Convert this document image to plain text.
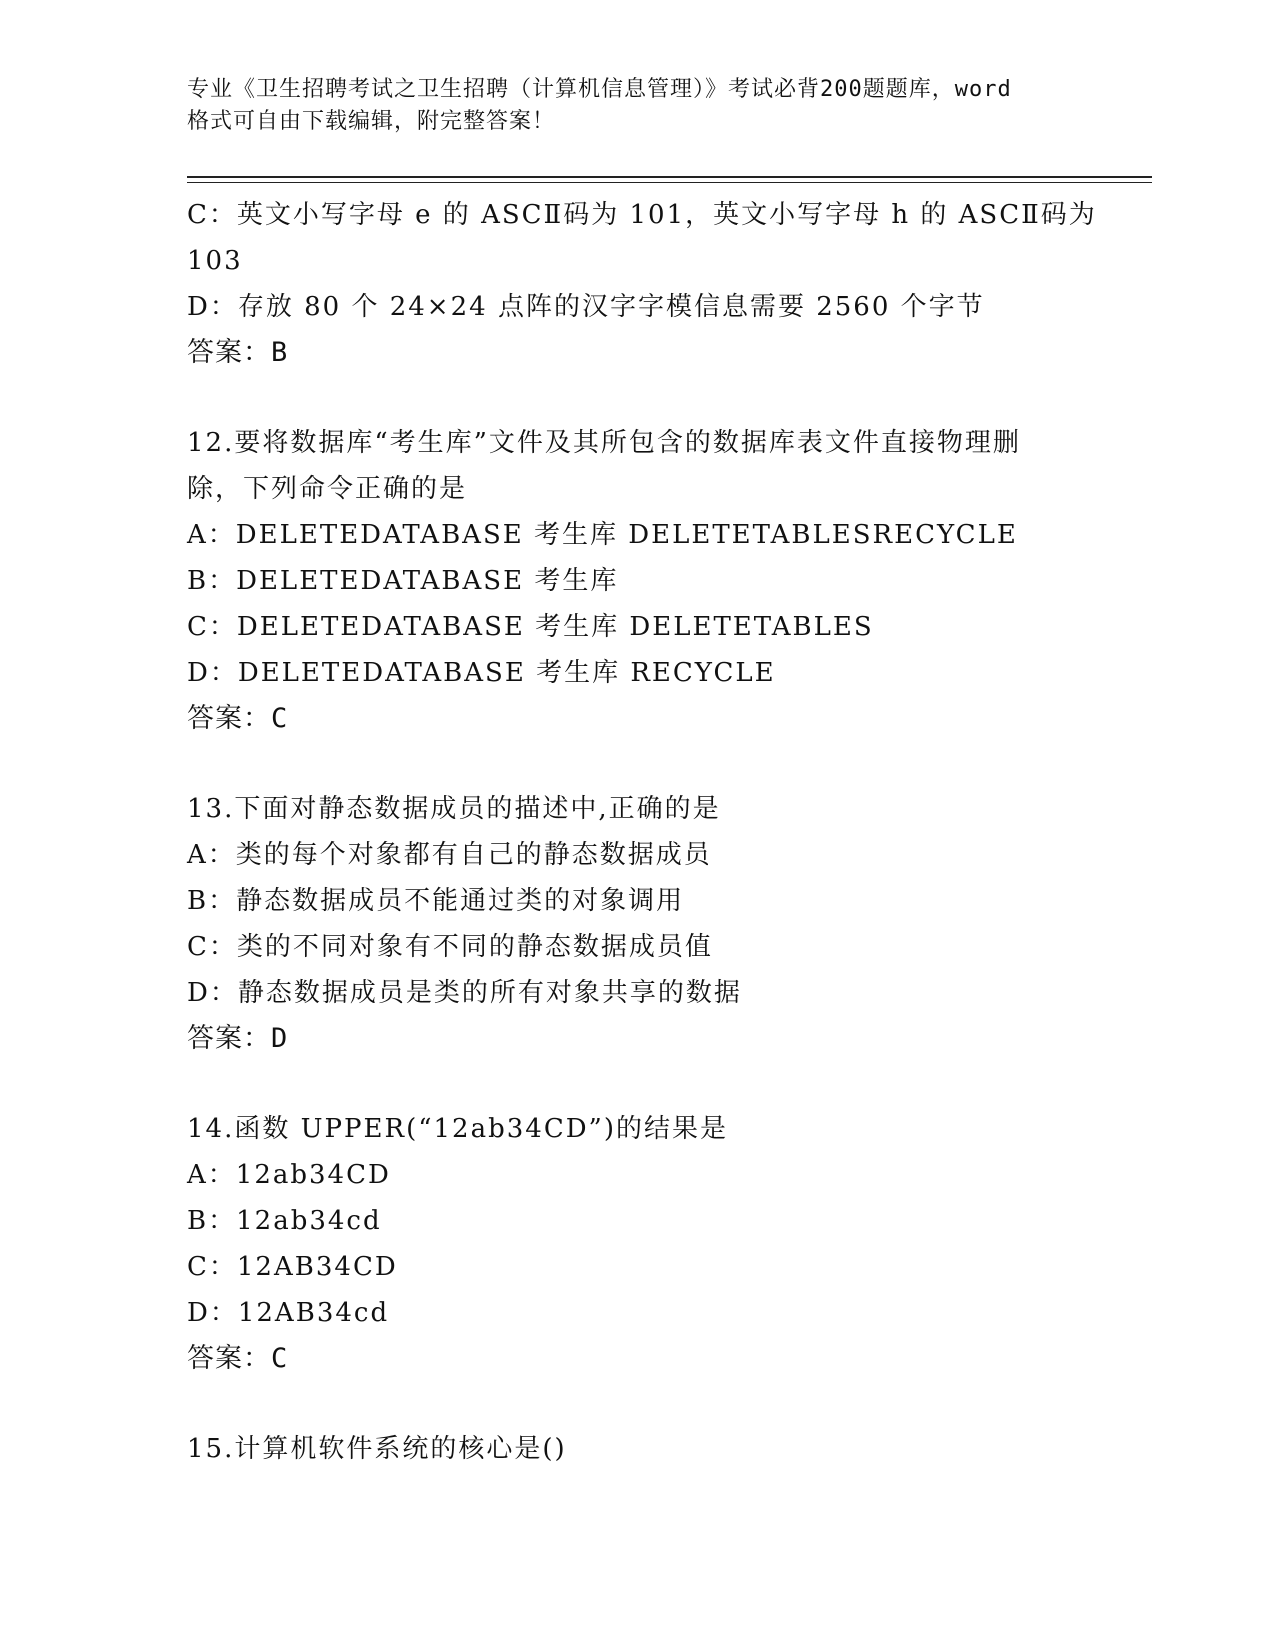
专业《卫生招聘考试之卫生招聘（计算机信息管理）》考试必背200题题库，word
格式可自由下载编辑，附完整答案！
C：英文小写字母 e 的 ASCⅡ码为 101，英文小写字母 h 的 ASCⅡ码为
103
D：存放 80 个 24×24 点阵的汉字字模信息需要 2560 个字节
答案：B
12.要将数据库“考生库”文件及其所包含的数据库表文件直接物理删
除，下列命令正确的是
A：DELETEDATABASE 考生库 DELETETABLESRECYCLE
B：DELETEDATABASE 考生库
C：DELETEDATABASE 考生库 DELETETABLES
D：DELETEDATABASE 考生库 RECYCLE
答案：C
13.下面对静态数据成员的描述中,正确的是
A：类的每个对象都有自己的静态数据成员
B：静态数据成员不能通过类的对象调用
C：类的不同对象有不同的静态数据成员值
D：静态数据成员是类的所有对象共享的数据
答案：D
14.函数 UPPER(“12ab34CD”)的结果是
A：12ab34CD
B：12ab34cd
C：12AB34CD
D：12AB34cd
答案：C
15.计算机软件系统的核心是()
